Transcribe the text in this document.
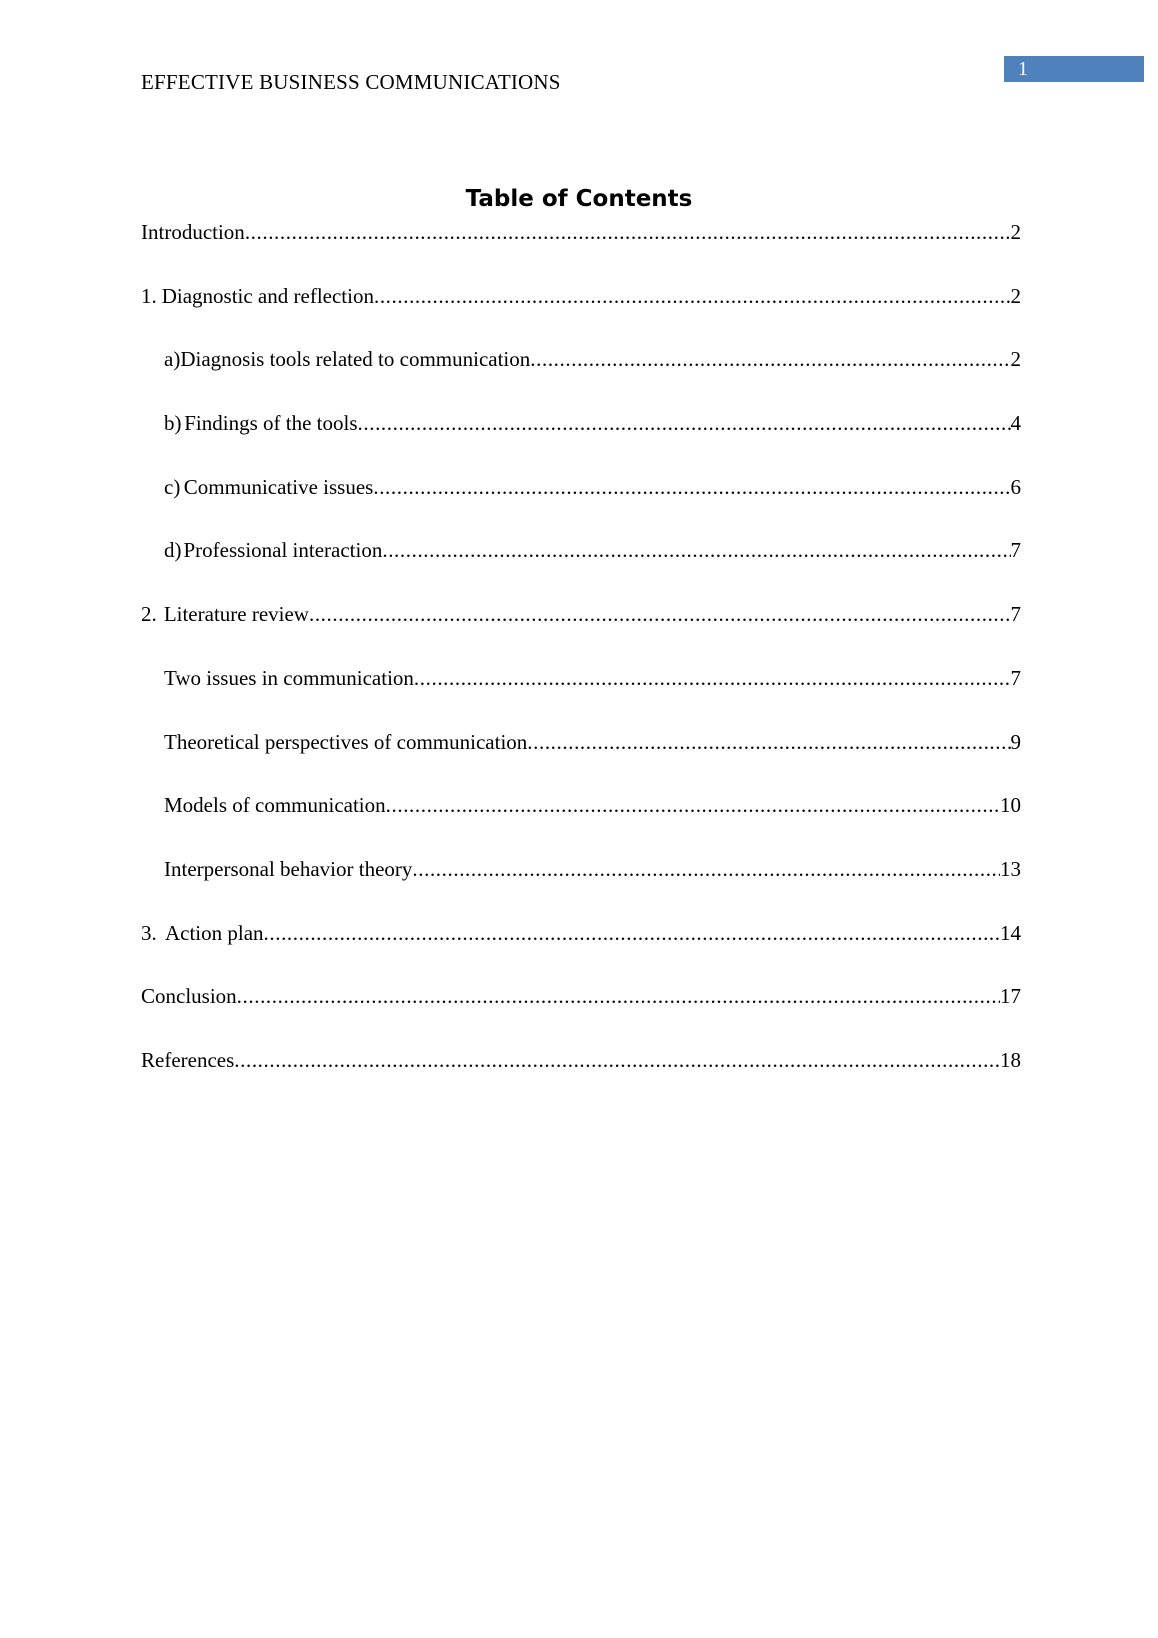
EFFECTIVE BUSINESS COMMUNICATIONS
1
Table of Contents
Introduction .....	2
1. Diagnostic and reflection .....	2
a) Diagnosis tools related to communication .....	2
b) Findings of the tools .....	4
c) Communicative issues .....	6
d) Professional interaction .....	7
2. Literature review .....	7
Two issues in communication .....	7
Theoretical perspectives of communication .....	9
Models of communication .....	10
Interpersonal behavior theory .....	13
3. Action plan .....	14
Conclusion .....	17
References .....	18
